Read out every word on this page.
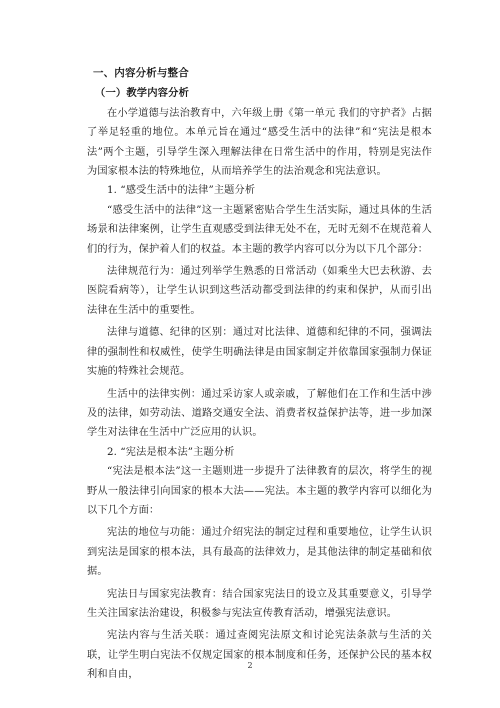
一、内容分析与整合

（一）教学内容分析

在小学道德与法治教育中，六年级上册《第一单元 我们的守护者》占据了举足轻重的地位。本单元旨在通过“感受生活中的法律”和“宪法是根本法”两个主题，引导学生深入理解法律在日常生活中的作用，特别是宪法作为国家根本法的特殊地位，从而培养学生的法治观念和宪法意识。

1. “感受生活中的法律”主题分析

“感受生活中的法律”这一主题紧密贴合学生生活实际，通过具体的生活场景和法律案例，让学生直观感受到法律无处不在，无时无刻不在规范着人们的行为，保护着人们的权益。本主题的教学内容可以分为以下几个部分：

法律规范行为：通过列举学生熟悉的日常活动（如乘坐大巴去秋游、去医院看病等），让学生认识到这些活动都受到法律的约束和保护，从而引出法律在生活中的重要性。

法律与道德、纪律的区别：通过对比法律、道德和纪律的不同，强调法律的强制性和权威性，使学生明确法律是由国家制定并依靠国家强制力保证实施的特殊社会规范。

生活中的法律实例：通过采访家人或亲戚，了解他们在工作和生活中涉及的法律，如劳动法、道路交通安全法、消费者权益保护法等，进一步加深学生对法律在生活中广泛应用的认识。

2. “宪法是根本法”主题分析

“宪法是根本法”这一主题则进一步提升了法律教育的层次，将学生的视野从一般法律引向国家的根本大法——宪法。本主题的教学内容可以细化为以下几个方面：

宪法的地位与功能：通过介绍宪法的制定过程和重要地位，让学生认识到宪法是国家的根本法，具有最高的法律效力，是其他法律的制定基础和依据。

宪法日与国家宪法教育：结合国家宪法日的设立及其重要意义，引导学生关注国家法治建设，积极参与宪法宣传教育活动，增强宪法意识。

宪法内容与生活关联：通过查阅宪法原文和讨论宪法条款与生活的关联，让学生明白宪法不仅规定国家的根本制度和任务，还保护公民的基本权利和自由，

2
